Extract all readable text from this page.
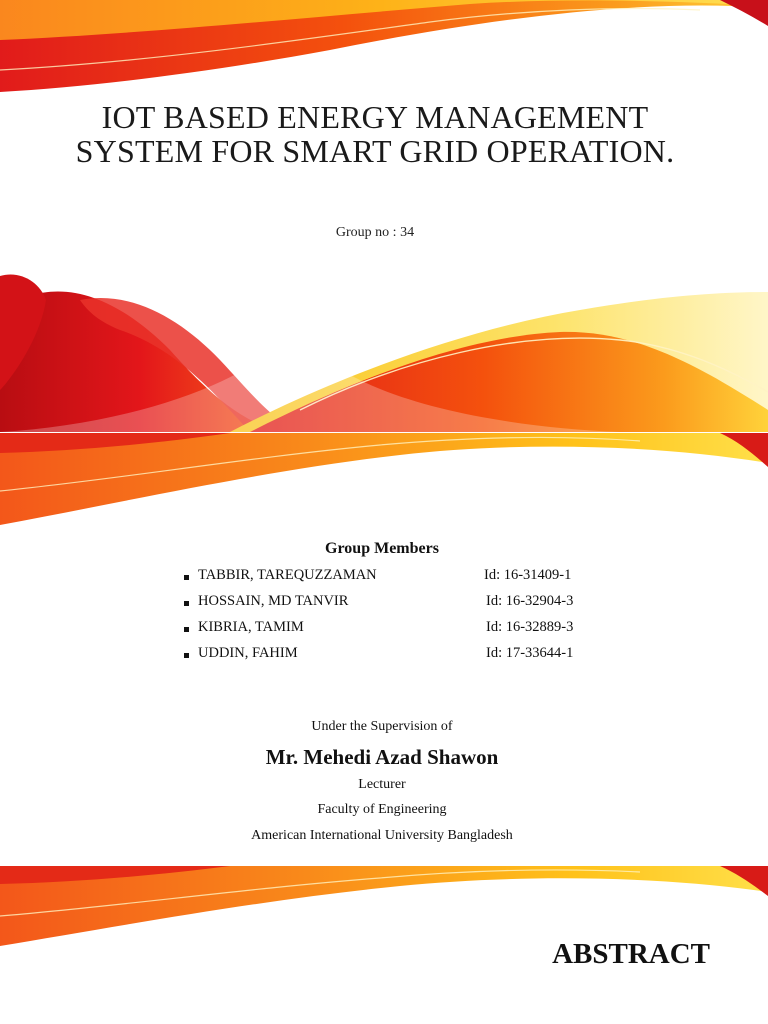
IOT BASED ENERGY MANAGEMENT SYSTEM FOR SMART GRID OPERATION.
Group no : 34
Group Members
TABBIR, TAREQUZZAMAN	Id: 16-31409-1
HOSSAIN, MD TANVIR	Id: 16-32904-3
KIBRIA, TAMIM	Id: 16-32889-3
UDDIN, FAHIM	Id: 17-33644-1
Under the Supervision of
Mr. Mehedi Azad Shawon
Lecturer
Faculty of Engineering
American International University Bangladesh
ABSTRACT
